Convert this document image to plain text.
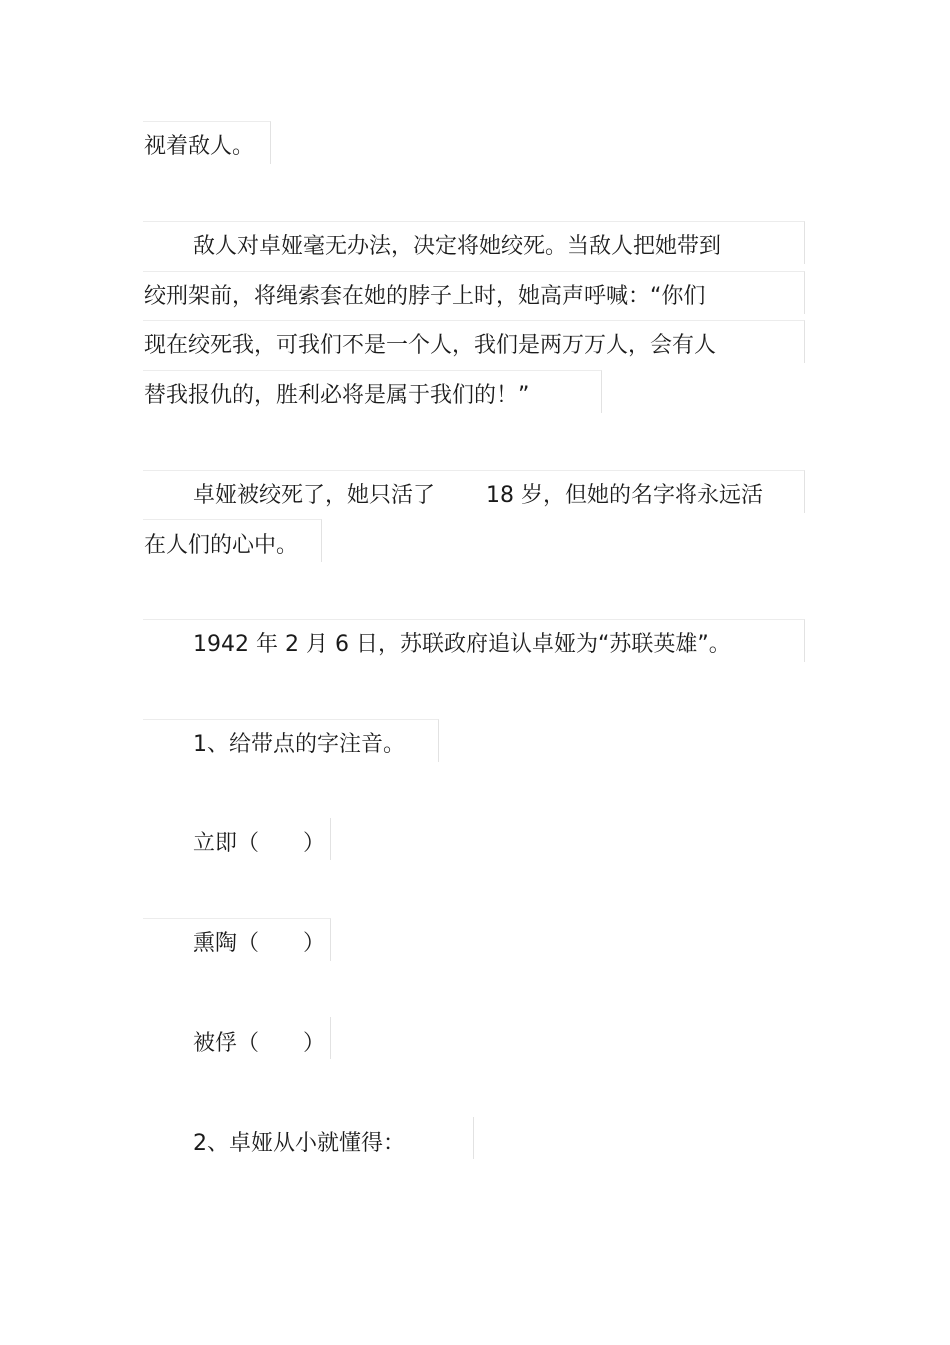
视着敌人。
敌人对卓娅毫无办法，决定将她绞死。当敌人把她带到
绞刑架前，将绳索套在她的脖子上时，她高声呼喊：“你们
现在绞死我，可我们不是一个人，我们是两万万人，会有人
替我报仇的，胜利必将是属于我们的！”
卓娅被绞死了，她只活了 18 岁，但她的名字将永远活
在人们的心中。
1942 年 2 月 6 日，苏联政府追认卓娅为“苏联英雄”。
1、给带点的字注音。
立即（　　）
熏陶（　　）
被俘（　　）
2、卓娅从小就懂得：
